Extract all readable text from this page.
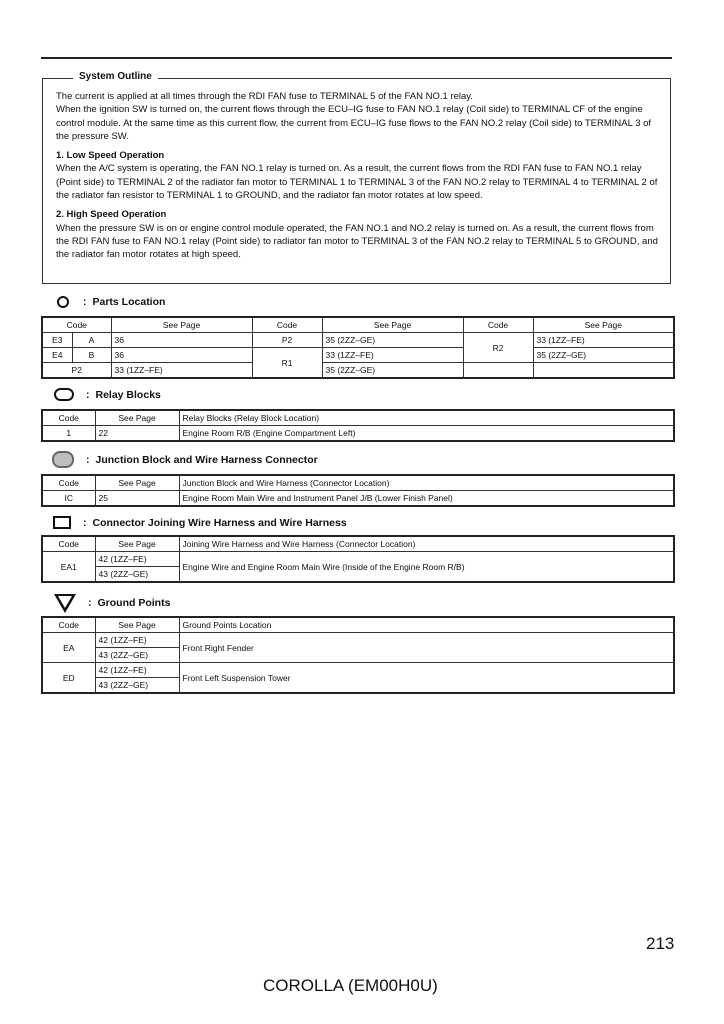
System Outline

The current is applied at all times through the RDI FAN fuse to TERMINAL 5 of the FAN NO.1 relay.

When the ignition SW is turned on, the current flows through the ECU–IG fuse to FAN NO.1 relay (Coil side) to TERMINAL CF of the engine control module. At the same time as this current flow, the current from ECU–IG fuse flows to the FAN NO.2 relay (Coil side) to TERMINAL 3 of the pressure SW.

1. Low Speed Operation

When the A/C system is operating, the FAN NO.1 relay is turned on. As a result, the current flows from the RDI FAN fuse to FAN NO.1 relay (Point side) to TERMINAL 2 of the radiator fan motor to TERMINAL 1 to TERMINAL 3 of the FAN NO.2 relay to TERMINAL 4 to TERMINAL 2 of the radiator fan resistor to TERMINAL 1 to GROUND, and the radiator fan motor rotates at low speed.

2. High Speed Operation

When the pressure SW is on or engine control module operated, the FAN NO.1 and NO.2 relay is turned on. As a result, the current flows from the RDI FAN fuse to FAN NO.1 relay (Point side) to radiator fan motor to TERMINAL 3 of the FAN NO.2 relay to TERMINAL 5 to GROUND, and the radiator fan motor rotates at high speed.

: Parts Location
Code		See Page	Code	See Page	Code	See Page
E3	A	36	P2	35 (2ZZ–GE)	R2	33 (1ZZ–FE)
E4	B	36	R1	33 (1ZZ–FE)		35 (2ZZ–GE)
P2		33 (1ZZ–FE)		35 (2ZZ–GE)		
: Relay Blocks
Code	See Page	Relay Blocks (Relay Block Location)
1	22	Engine Room R/B (Engine Compartment Left)
: Junction Block and Wire Harness Connector
Code	See Page	Junction Block and Wire Harness (Connector Location)
IC	25	Engine Room Main Wire and Instrument Panel J/B (Lower Finish Panel)
: Connector Joining Wire Harness and Wire Harness
Code	See Page	Joining Wire Harness and Wire Harness (Connector Location)
EA1	42 (1ZZ–FE)	Engine Wire and Engine Room Main Wire (Inside of the Engine Room R/B)
	43 (2ZZ–GE)	
: Ground Points
Code	See Page	Ground Points Location
EA	42 (1ZZ–FE)	Front Right Fender
	43 (2ZZ–GE)	
ED	42 (1ZZ–FE)	Front Left Suspension Tower
	43 (2ZZ–GE)	
213
COROLLA (EM00H0U)
